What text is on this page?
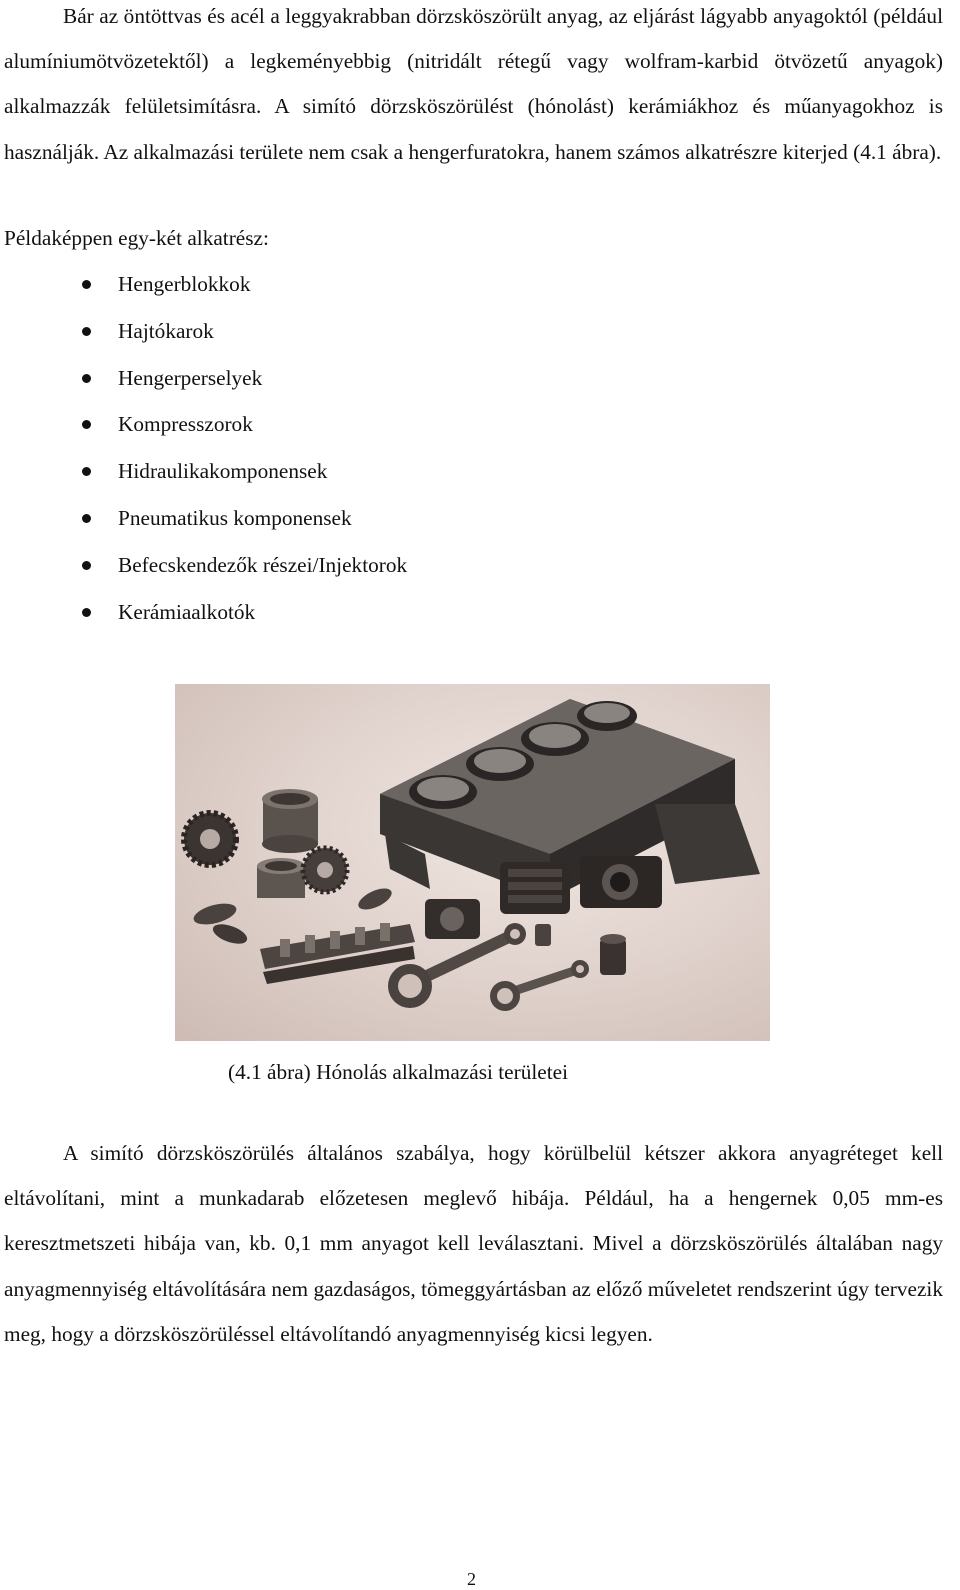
Bár az öntöttvas és acél a leggyakrabban dörzsköszörült anyag, az eljárást lágyabb anyagoktól (például alumíniumötvözetektől) a legkeményebbig (nitridált rétegű vagy wolfram-karbid ötvözetű anyagok) alkalmazzák felületsimításra. A simító dörzsköszörülést (hónolást) kerámiákhoz és műanyagokhoz is használják. Az alkalmazási területe nem csak a hengerfuratokra, hanem számos alkatrészre kiterjed (4.1 ábra).

Példaképpen egy-két alkatrész:

Hengerblokkok
Hajtókarok
Hengerperselyek
Kompresszorok
Hidraulikakomponensek
Pneumatikus komponensek
Befecskendezők részei/Injektorok
Kerámiaalkotók

(4.1 ábra) Hónolás alkalmazási területei

A simító dörzsköszörülés általános szabálya, hogy körülbelül kétszer akkora anyagréteget kell eltávolítani, mint a munkadarab előzetesen meglevő hibája. Például, ha a hengernek 0,05 mm-es keresztmetszeti hibája van, kb. 0,1 mm anyagot kell leválasztani. Mivel a dörzsköszörülés általában nagy anyagmennyiség eltávolítására nem gazdaságos, tömeggyártásban az előző műveletet rendszerint úgy tervezik meg, hogy a dörzsköszörüléssel eltávolítandó anyagmennyiség kicsi legyen.

2
